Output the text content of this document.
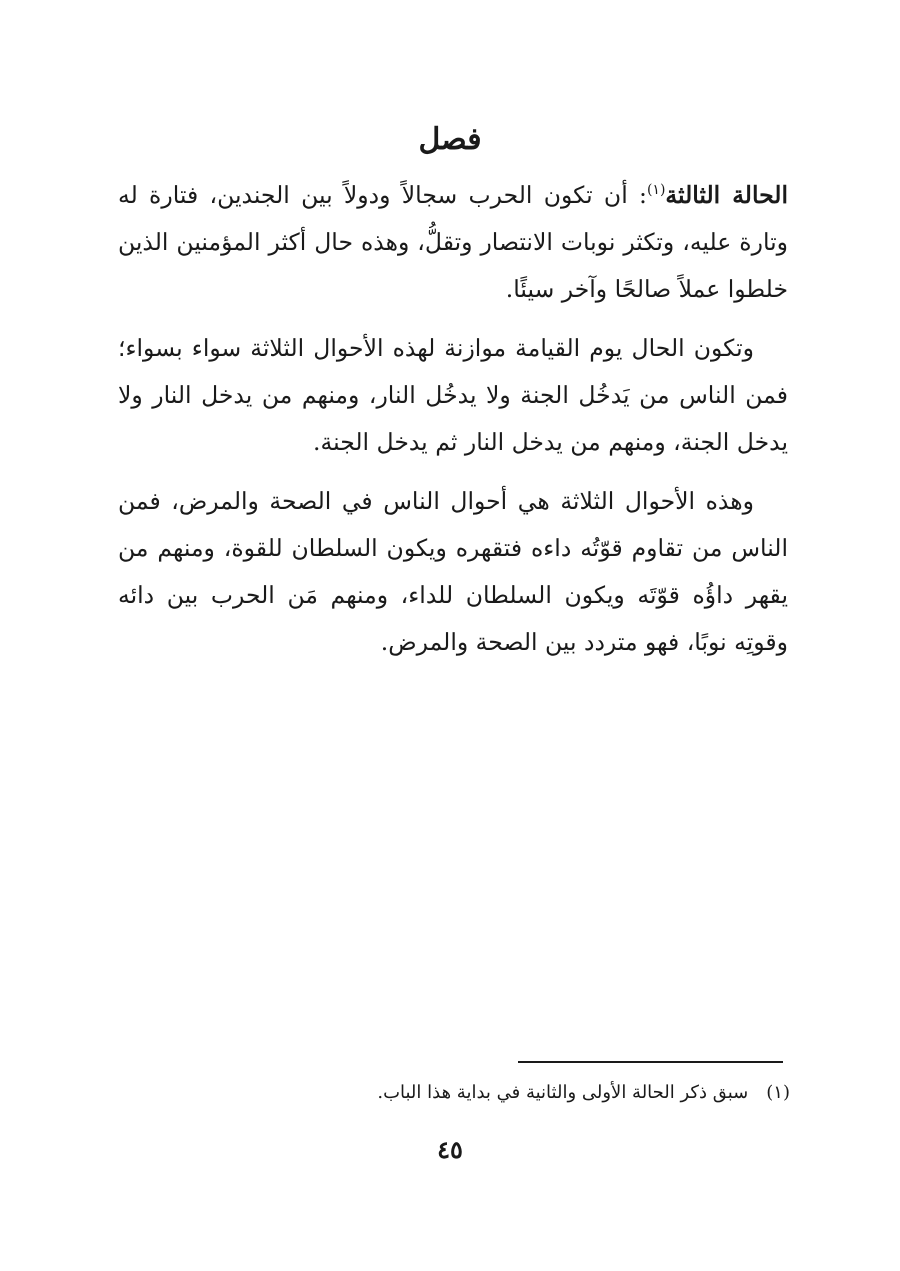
فصل

الحالة الثالثة$^{(١)}$: أن تكون الحرب سجالاً ودولاً بين الجندين، فتارة له وتارة عليه، وتكثر نوبات الانتصار وتقلُّ، وهذه حال أكثر المؤمنين الذين خلطوا عملاً صالحًا وآخر سيئًا.

وتكون الحال يوم القيامة موازنة لهذه الأحوال الثلاثة سواء بسواء؛ فمن الناس من يَدخُل الجنة ولا يدخُل النار، ومنهم من يدخل النار ولا يدخل الجنة، ومنهم من يدخل النار ثم يدخل الجنة.

وهذه الأحوال الثلاثة هي أحوال الناس في الصحة والمرض، فمن الناس من تقاوم قوّتُه داءه فتقهره ويكون السلطان للقوة، ومنهم من يقهر داؤُه قوّتَه ويكون السلطان للداء، ومنهم مَن الحرب بين دائه وقوتِه نوبًا، فهو متردد بين الصحة والمرض.

(١)سبق ذكر الحالة الأولى والثانية في بداية هذا الباب.
٤٥
